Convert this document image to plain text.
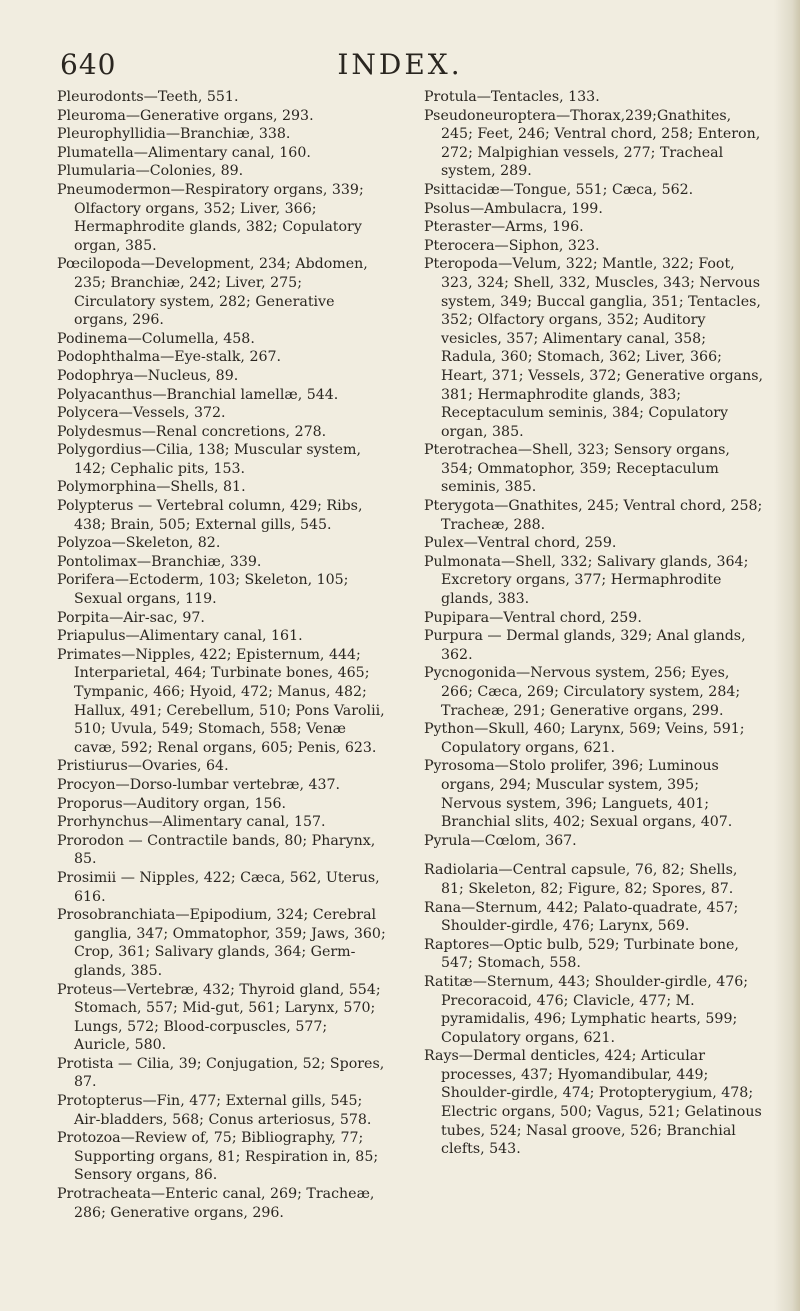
640	INDEX.

Pleurodonts—Teeth, 551.

Pleuroma—Generative organs, 293.

Pleurophyllidia—Branchiæ, 338.

Plumatella—Alimentary canal, 160.

Plumularia—Colonies, 89.

Pneumodermon—Respiratory organs, 339; Olfactory organs, 352; Liver, 366; Hermaphrodite glands, 382; Copulatory organ, 385.

Pœcilopoda—Development, 234; Abdomen, 235; Branchiæ, 242; Liver, 275; Circulatory system, 282; Generative organs, 296.

Podinema—Columella, 458.

Podophthalma—Eye-stalk, 267.

Podophrya—Nucleus, 89.

Polyacanthus—Branchial lamellæ, 544.

Polycera—Vessels, 372.

Polydesmus—Renal concretions, 278.

Polygordius—Cilia, 138; Muscular system, 142; Cephalic pits, 153.

Polymorphina—Shells, 81.

Polypterus — Vertebral column, 429; Ribs, 438; Brain, 505; External gills, 545.

Polyzoa—Skeleton, 82.

Pontolimax—Branchiæ, 339.

Porifera—Ectoderm, 103; Skeleton, 105; Sexual organs, 119.

Porpita—Air-sac, 97.

Priapulus—Alimentary canal, 161.

Primates—Nipples, 422; Episternum, 444; Interparietal, 464; Turbinate bones, 465; Tympanic, 466; Hyoid, 472; Manus, 482; Hallux, 491; Cerebellum, 510; Pons Varolii, 510; Uvula, 549; Stomach, 558; Venæ cavæ, 592; Renal organs, 605; Penis, 623.

Pristiurus—Ovaries, 64.

Procyon—Dorso-lumbar vertebræ, 437.

Proporus—Auditory organ, 156.

Prorhynchus—Alimentary canal, 157.

Prorodon — Contractile bands, 80; Pharynx, 85.

Prosimii — Nipples, 422; Cæca, 562, Uterus, 616.

Prosobranchiata—Epipodium, 324; Cerebral ganglia, 347; Ommatophor, 359; Jaws, 360; Crop, 361; Salivary glands, 364; Germ-glands, 385.

Proteus—Vertebræ, 432; Thyroid gland, 554; Stomach, 557; Mid-gut, 561; Larynx, 570; Lungs, 572; Blood-corpuscles, 577; Auricle, 580.

Protista — Cilia, 39; Conjugation, 52; Spores, 87.

Protopterus—Fin, 477; External gills, 545; Air-bladders, 568; Conus arteriosus, 578.

Protozoa—Review of, 75; Bibliography, 77; Supporting organs, 81; Respiration in, 85; Sensory organs, 86.

Protracheata—Enteric canal, 269; Tracheæ, 286; Generative organs, 296.

Protula—Tentacles, 133.

Pseudoneuroptera—Thorax,239;Gnathites, 245; Feet, 246; Ventral chord, 258; Enteron, 272; Malpighian vessels, 277; Tracheal system, 289.

Psittacidæ—Tongue, 551; Cæca, 562.

Psolus—Ambulacra, 199.

Pteraster—Arms, 196.

Pterocera—Siphon, 323.

Pteropoda—Velum, 322; Mantle, 322; Foot, 323, 324; Shell, 332, Muscles, 343; Nervous system, 349; Buccal ganglia, 351; Tentacles, 352; Olfactory organs, 352; Auditory vesicles, 357; Alimentary canal, 358; Radula, 360; Stomach, 362; Liver, 366; Heart, 371; Vessels, 372; Generative organs, 381; Hermaphrodite glands, 383; Receptaculum seminis, 384; Copulatory organ, 385.

Pterotrachea—Shell, 323; Sensory organs, 354; Ommatophor, 359; Receptaculum seminis, 385.

Pterygota—Gnathites, 245; Ventral chord, 258; Tracheæ, 288.

Pulex—Ventral chord, 259.

Pulmonata—Shell, 332; Salivary glands, 364; Excretory organs, 377; Hermaphrodite glands, 383.

Pupipara—Ventral chord, 259.

Purpura — Dermal glands, 329; Anal glands, 362.

Pycnogonida—Nervous system, 256; Eyes, 266; Cæca, 269; Circulatory system, 284; Tracheæ, 291; Generative organs, 299.

Python—Skull, 460; Larynx, 569; Veins, 591; Copulatory organs, 621.

Pyrosoma—Stolo prolifer, 396; Luminous organs, 294; Muscular system, 395; Nervous system, 396; Languets, 401; Branchial slits, 402; Sexual organs, 407.

Pyrula—Cœlom, 367.

Radiolaria—Central capsule, 76, 82; Shells, 81; Skeleton, 82; Figure, 82; Spores, 87.

Rana—Sternum, 442; Palato-quadrate, 457; Shoulder-girdle, 476; Larynx, 569.

Raptores—Optic bulb, 529; Turbinate bone, 547; Stomach, 558.

Ratitæ—Sternum, 443; Shoulder-girdle, 476; Precoracoid, 476; Clavicle, 477; M. pyramidalis, 496; Lymphatic hearts, 599; Copulatory organs, 621.

Rays—Dermal denticles, 424; Articular processes, 437; Hyomandibular, 449; Shoulder-girdle, 474; Protopterygium, 478; Electric organs, 500; Vagus, 521; Gelatinous tubes, 524; Nasal groove, 526; Branchial clefts, 543.
